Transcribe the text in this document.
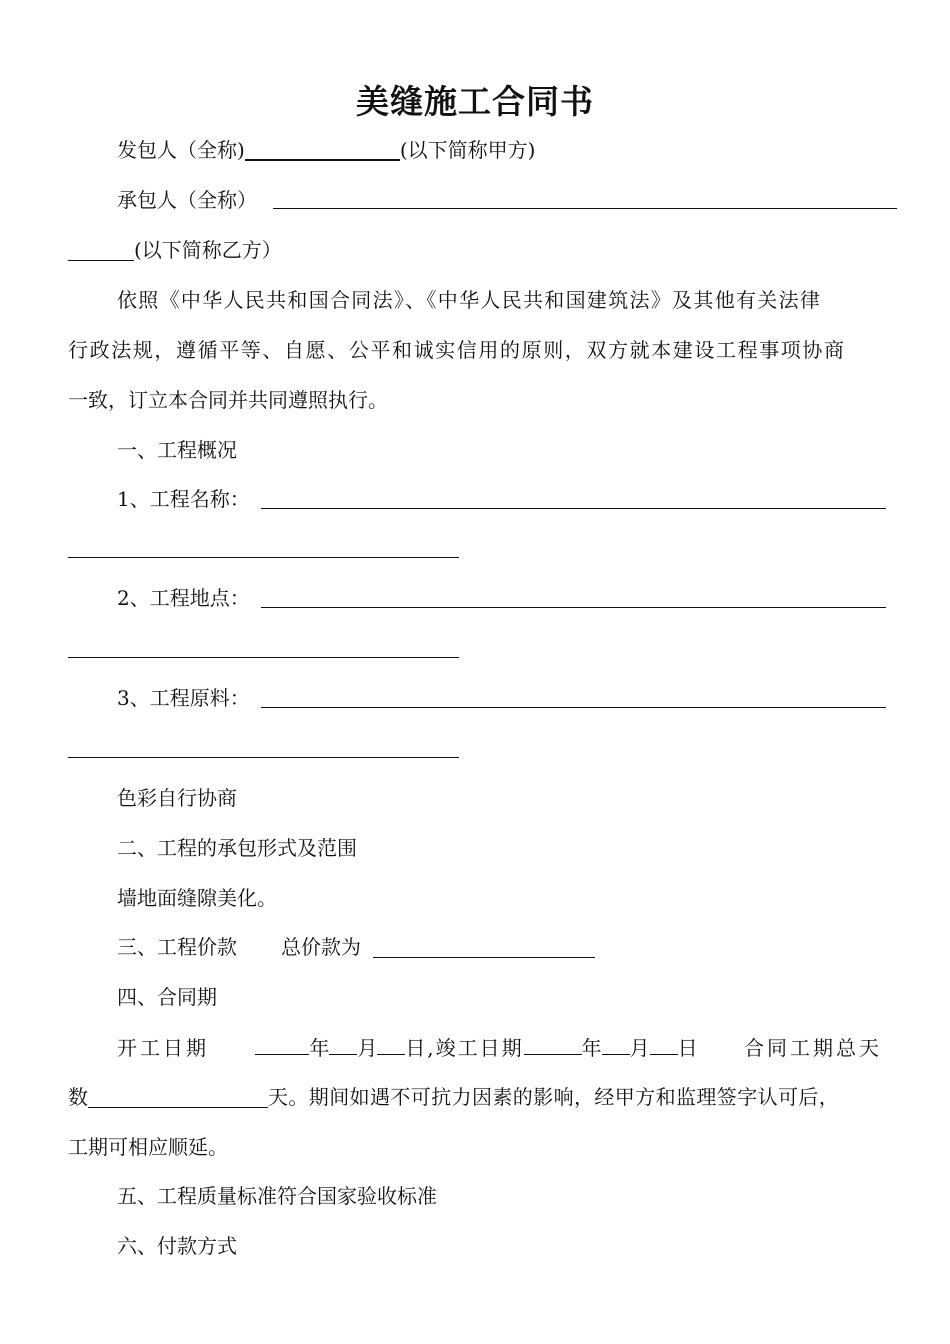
美缝施工合同书
发包人（全称)	(以下简称甲方)
承包人（全称）
(以下简称乙方）
依照《中华人民共和国合同法》、《中华人民共和国建筑法》及其他有关法律
行政法规，遵循平等、自愿、公平和诚实信用的原则，双方就本建设工程事项协商
一致，订立本合同并共同遵照执行。
一、工程概况
1、工程名称：
2、工程地点：
3、工程原料：
色彩自行协商
二、工程的承包形式及范围
墙地面缝隙美化。
三、工程价款 总价款为
四、合同期
开工日期	年 月 日,竣工日期	年 月 日 合同工期总天
数	天。期间如遇不可抗力因素的影响，经甲方和监理签字认可后，
工期可相应顺延。
五、工程质量标准符合国家验收标准
六、付款方式
